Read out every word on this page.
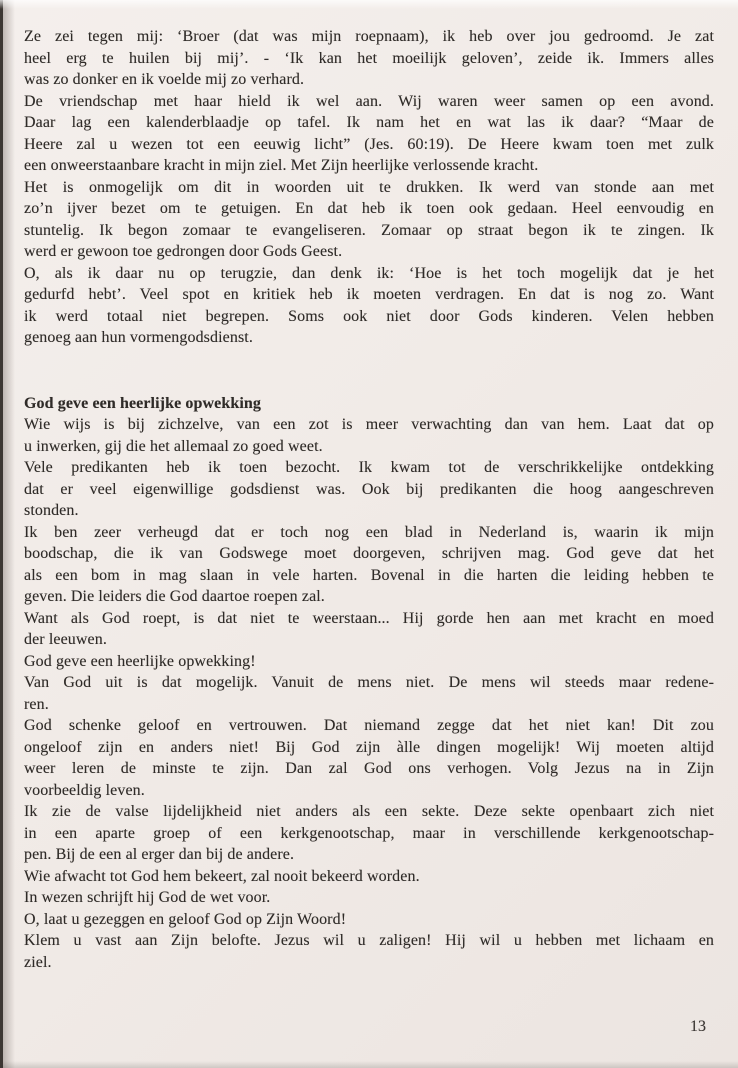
Ze zei tegen mij: ‘Broer (dat was mijn roepnaam), ik heb over jou gedroomd. Je zat
heel erg te huilen bij mij’. - ‘Ik kan het moeilijk geloven’, zeide ik. Immers alles
was zo donker en ik voelde mij zo verhard.
De vriendschap met haar hield ik wel aan. Wij waren weer samen op een avond.
Daar lag een kalenderblaadje op tafel. Ik nam het en wat las ik daar? “Maar de
Heere zal u wezen tot een eeuwig licht” (Jes. 60:19). De Heere kwam toen met zulk
een onweerstaanbare kracht in mijn ziel. Met Zijn heerlijke verlossende kracht.
Het is onmogelijk om dit in woorden uit te drukken. Ik werd van stonde aan met
zo’n ijver bezet om te getuigen. En dat heb ik toen ook gedaan. Heel eenvoudig en
stuntelig. Ik begon zomaar te evangeliseren. Zomaar op straat begon ik te zingen. Ik
werd er gewoon toe gedrongen door Gods Geest.
O, als ik daar nu op terugzie, dan denk ik: ‘Hoe is het toch mogelijk dat je het
gedurfd hebt’. Veel spot en kritiek heb ik moeten verdragen. En dat is nog zo. Want
ik werd totaal niet begrepen. Soms ook niet door Gods kinderen. Velen hebben
genoeg aan hun vormengodsdienst.
God geve een heerlijke opwekking
Wie wijs is bij zichzelve, van een zot is meer verwachting dan van hem. Laat dat op
u inwerken, gij die het allemaal zo goed weet.
Vele predikanten heb ik toen bezocht. Ik kwam tot de verschrikkelijke ontdekking
dat er veel eigenwillige godsdienst was. Ook bij predikanten die hoog aangeschreven
stonden.
Ik ben zeer verheugd dat er toch nog een blad in Nederland is, waarin ik mijn
boodschap, die ik van Godswege moet doorgeven, schrijven mag. God geve dat het
als een bom in mag slaan in vele harten. Bovenal in die harten die leiding hebben te
geven. Die leiders die God daartoe roepen zal.
Want als God roept, is dat niet te weerstaan... Hij gorde hen aan met kracht en moed
der leeuwen.
God geve een heerlijke opwekking!
Van God uit is dat mogelijk. Vanuit de mens niet. De mens wil steeds maar redene-
ren.
God schenke geloof en vertrouwen. Dat niemand zegge dat het niet kan! Dit zou
ongeloof zijn en anders niet! Bij God zijn àlle dingen mogelijk! Wij moeten altijd
weer leren de minste te zijn. Dan zal God ons verhogen. Volg Jezus na in Zijn
voorbeeldig leven.
Ik zie de valse lijdelijkheid niet anders als een sekte. Deze sekte openbaart zich niet
in een aparte groep of een kerkgenootschap, maar in verschillende kerkgenootschap-
pen. Bij de een al erger dan bij de andere.
Wie afwacht tot God hem bekeert, zal nooit bekeerd worden.
In wezen schrijft hij God de wet voor.
O, laat u gezeggen en geloof God op Zijn Woord!
Klem u vast aan Zijn belofte. Jezus wil u zaligen! Hij wil u hebben met lichaam en
ziel.
13
